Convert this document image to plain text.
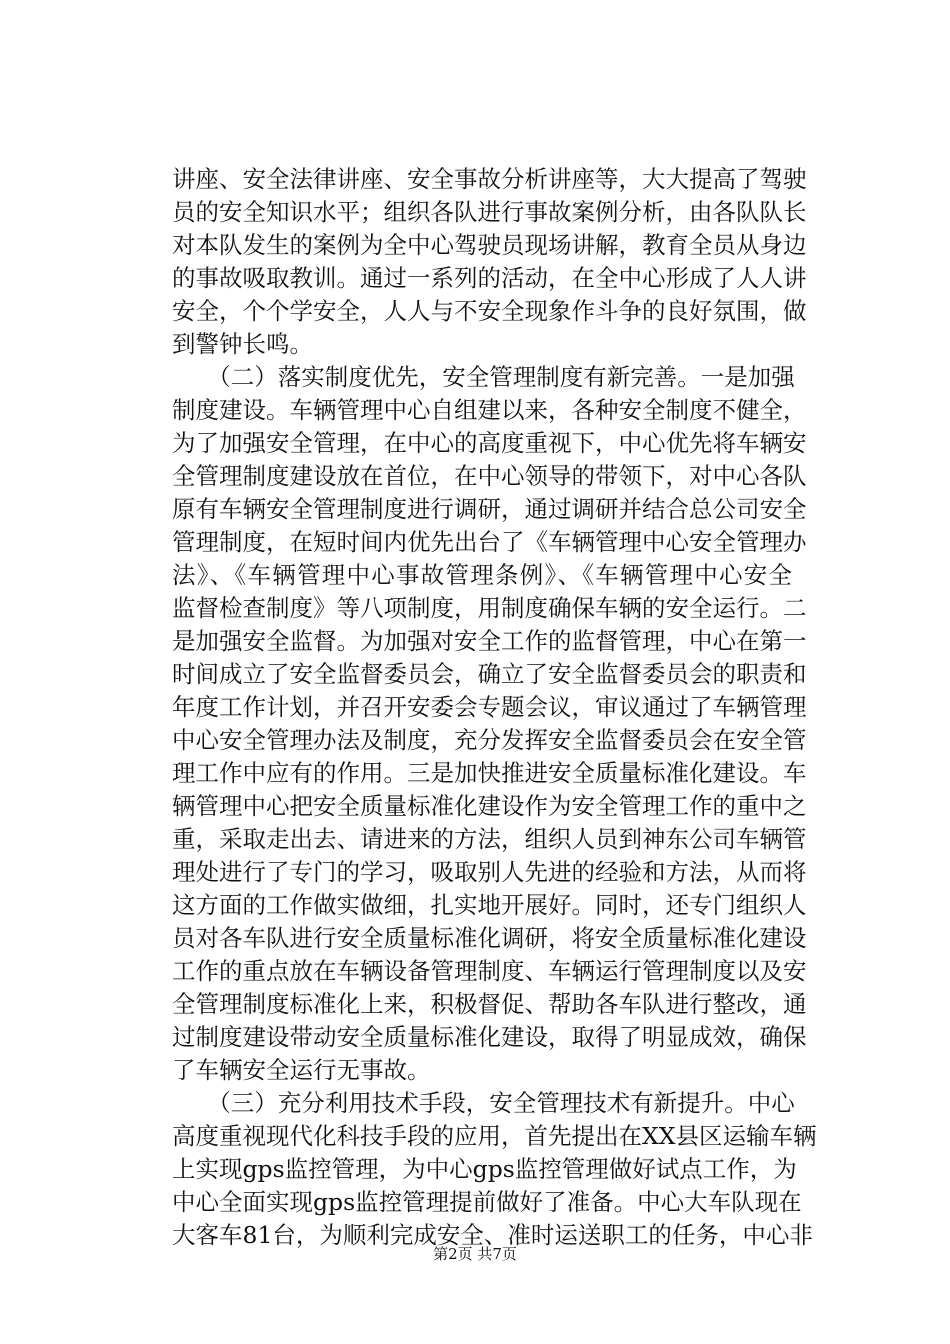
讲座、安全法律讲座、安全事故分析讲座等，大大提高了驾驶
员的安全知识水平；组织各队进行事故案例分析，由各队队长
对本队发生的案例为全中心驾驶员现场讲解，教育全员从身边
的事故吸取教训。通过一系列的活动，在全中心形成了人人讲
安全，个个学安全，人人与不安全现象作斗争的良好氛围，做
到警钟长鸣。
　　（二）落实制度优先，安全管理制度有新完善。一是加强
制度建设。车辆管理中心自组建以来，各种安全制度不健全，
为了加强安全管理，在中心的高度重视下，中心优先将车辆安
全管理制度建设放在首位，在中心领导的带领下，对中心各队
原有车辆安全管理制度进行调研，通过调研并结合总公司安全
管理制度，在短时间内优先出台了《车辆管理中心安全管理办
法》、《车辆管理中心事故管理条例》、《车辆管理中心安全
监督检查制度》等八项制度，用制度确保车辆的安全运行。二
是加强安全监督。为加强对安全工作的监督管理，中心在第一
时间成立了安全监督委员会，确立了安全监督委员会的职责和
年度工作计划，并召开安委会专题会议，审议通过了车辆管理
中心安全管理办法及制度，充分发挥安全监督委员会在安全管
理工作中应有的作用。三是加快推进安全质量标准化建设。车
辆管理中心把安全质量标准化建设作为安全管理工作的重中之
重，采取走出去、请进来的方法，组织人员到神东公司车辆管
理处进行了专门的学习，吸取别人先进的经验和方法，从而将
这方面的工作做实做细，扎实地开展好。同时，还专门组织人
员对各车队进行安全质量标准化调研，将安全质量标准化建设
工作的重点放在车辆设备管理制度、车辆运行管理制度以及安
全管理制度标准化上来，积极督促、帮助各车队进行整改，通
过制度建设带动安全质量标准化建设，取得了明显成效，确保
了车辆安全运行无事故。
　　（三）充分利用技术手段，安全管理技术有新提升。中心
高度重视现代化科技手段的应用，首先提出在XX县区运输车辆
上实现gps监控管理，为中心gps监控管理做好试点工作，为
中心全面实现gps监控管理提前做好了准备。中心大车队现在
大客车81台，为顺利完成安全、准时运送职工的任务，中心非
第2页 共7页
